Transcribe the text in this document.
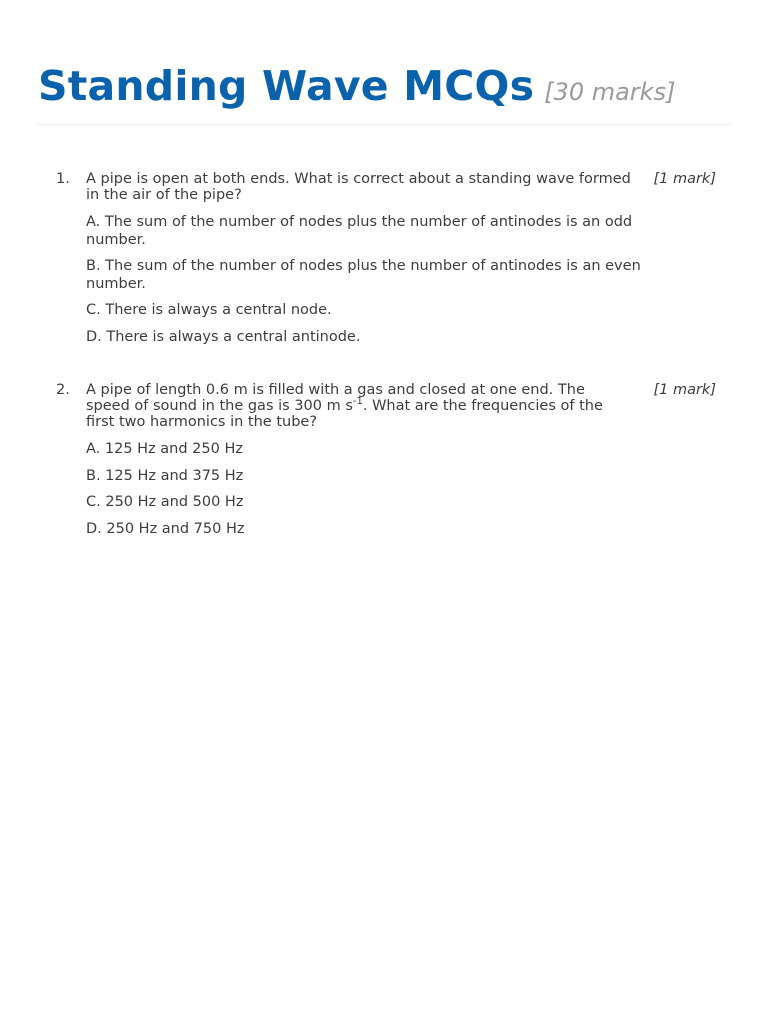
Standing Wave MCQs [30 marks]
1. A pipe is open at both ends. What is correct about a standing wave formed in the air of the pipe?
[1 mark]
A. The sum of the number of nodes plus the number of antinodes is an odd number.
B. The sum of the number of nodes plus the number of antinodes is an even number.
C. There is always a central node.
D. There is always a central antinode.
2. A pipe of length 0.6 m is filled with a gas and closed at one end. The speed of sound in the gas is 300 m $s^{-1}$. What are the frequencies of the first two harmonics in the tube?
[1 mark]
A. 125 Hz and 250 Hz
B. 125 Hz and 375 Hz
C. 250 Hz and 500 Hz
D. 250 Hz and 750 Hz
